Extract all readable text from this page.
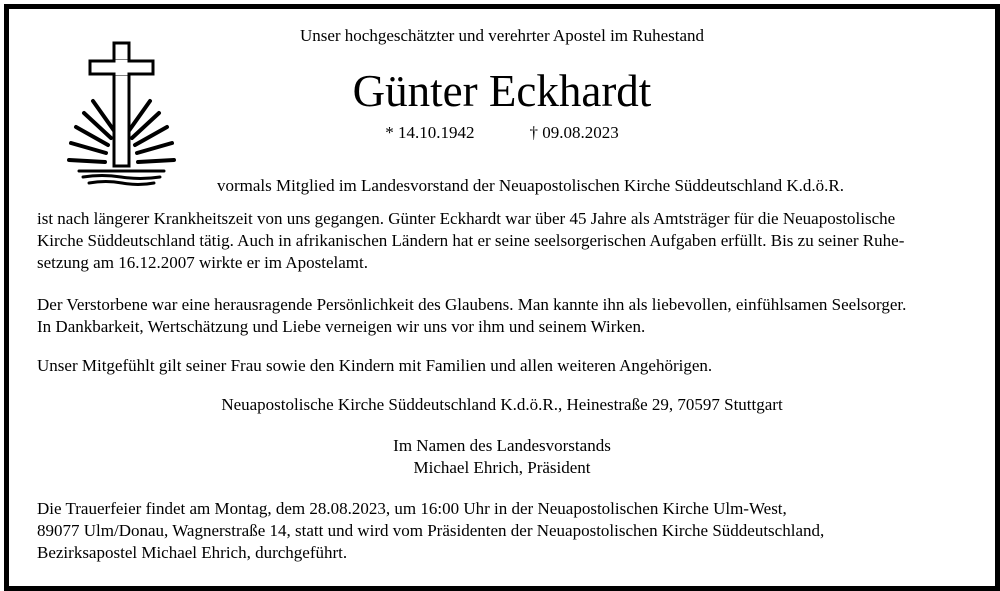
Unser hochgeschätzter und verehrter Apostel im Ruhestand
Günter Eckhardt
* 14.10.1942	† 09.08.2023
vormals Mitglied im Landesvorstand der Neuapostolischen Kirche Süddeutschland K.d.ö.R.
ist nach längerer Krankheitszeit von uns gegangen. Günter Eckhardt war über 45 Jahre als Amtsträger für die Neuapostolische
Kirche Süddeutschland tätig. Auch in afrikanischen Ländern hat er seine seelsorgerischen Aufgaben erfüllt. Bis zu seiner Ruhe-
setzung am 16.12.2007 wirkte er im Apostelamt.
Der Verstorbene war eine herausragende Persönlichkeit des Glaubens. Man kannte ihn als liebevollen, einfühlsamen Seelsorger.
In Dankbarkeit, Wertschätzung und Liebe verneigen wir uns vor ihm und seinem Wirken.
Unser Mitgefühlt gilt seiner Frau sowie den Kindern mit Familien und allen weiteren Angehörigen.
Neuapostolische Kirche Süddeutschland K.d.ö.R., Heinestraße 29, 70597 Stuttgart
Im Namen des Landesvorstands
Michael Ehrich, Präsident
Die Trauerfeier findet am Montag, dem 28.08.2023, um 16:00 Uhr in der Neuapostolischen Kirche Ulm-West,
89077 Ulm/Donau, Wagnerstraße 14, statt und wird vom Präsidenten der Neuapostolischen Kirche Süddeutschland,
Bezirksapostel Michael Ehrich, durchgeführt.
